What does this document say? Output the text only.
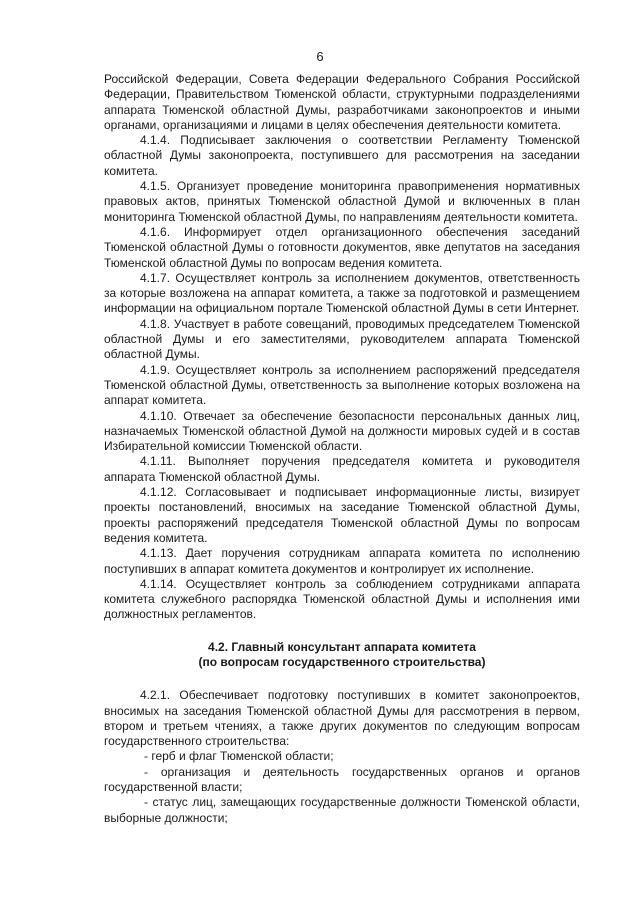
6

Российской Федерации, Совета Федерации Федерального Собрания Российской Федерации, Правительством Тюменской области, структурными подразделениями аппарата Тюменской областной Думы, разработчиками законопроектов и иными органами, организациями и лицами в целях обеспечения деятельности комитета.

4.1.4. Подписывает заключения о соответствии Регламенту Тюменской областной Думы законопроекта, поступившего для рассмотрения на заседании комитета.

4.1.5. Организует проведение мониторинга правоприменения нормативных правовых актов, принятых Тюменской областной Думой и включенных в план мониторинга Тюменской областной Думы, по направлениям деятельности комитета.

4.1.6. Информирует отдел организационного обеспечения заседаний Тюменской областной Думы о готовности документов, явке депутатов на заседания Тюменской областной Думы по вопросам ведения комитета.

4.1.7. Осуществляет контроль за исполнением документов, ответственность за которые возложена на аппарат комитета, а также за подготовкой и размещением информации на официальном портале Тюменской областной Думы в сети Интернет.

4.1.8. Участвует в работе совещаний, проводимых председателем Тюменской областной Думы и его заместителями, руководителем аппарата Тюменской областной Думы.

4.1.9. Осуществляет контроль за исполнением распоряжений председателя Тюменской областной Думы, ответственность за выполнение которых возложена на аппарат комитета.

4.1.10. Отвечает за обеспечение безопасности персональных данных лиц, назначаемых Тюменской областной Думой на должности мировых судей и в состав Избирательной комиссии Тюменской области.

4.1.11. Выполняет поручения председателя комитета и руководителя аппарата Тюменской областной Думы.

4.1.12. Согласовывает и подписывает информационные листы, визирует проекты постановлений, вносимых на заседание Тюменской областной Думы, проекты распоряжений председателя Тюменской областной Думы по вопросам ведения комитета.

4.1.13. Дает поручения сотрудникам аппарата комитета по исполнению поступивших в аппарат комитета документов и контролирует их исполнение.

4.1.14. Осуществляет контроль за соблюдением сотрудниками аппарата комитета служебного распорядка Тюменской областной Думы и исполнения ими должностных регламентов.

4.2. Главный консультант аппарата комитета
(по вопросам государственного строительства)

4.2.1. Обеспечивает подготовку поступивших в комитет законопроектов, вносимых на заседания Тюменской областной Думы для рассмотрения в первом, втором и третьем чтениях, а также других документов по следующим вопросам государственного строительства:

- герб и флаг Тюменской области;

- организация и деятельность государственных органов и органов государственной власти;

- статус лиц, замещающих государственные должности Тюменской области, выборные должности;
